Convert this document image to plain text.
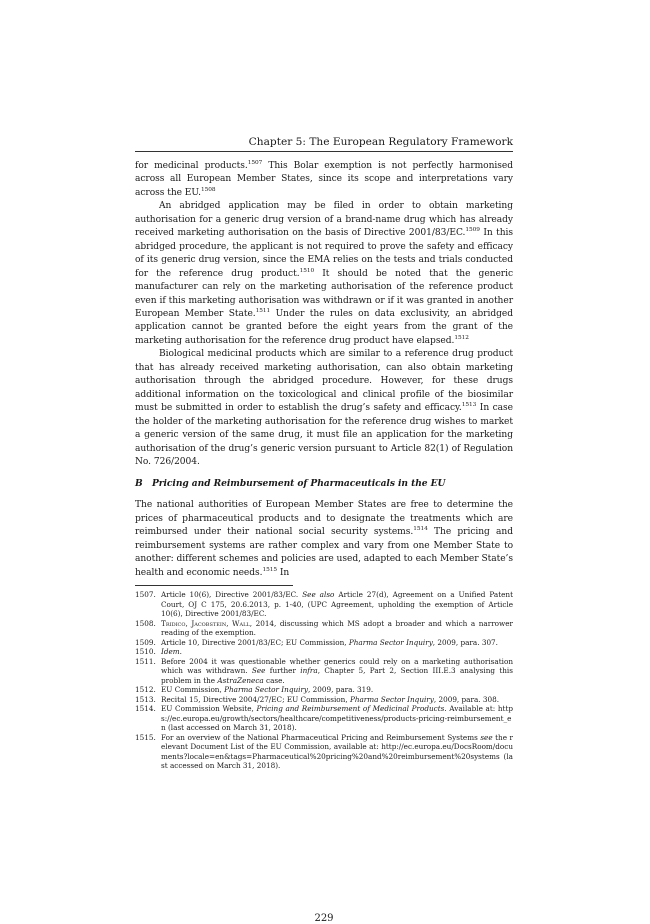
Chapter 5: The European Regulatory Framework

for medicinal products.$^{1507}$ This Bolar exemption is not perfectly harmonised across all European Member States, since its scope and interpretations vary across the EU.$^{1508}$

An abridged application may be filed in order to obtain marketing authorisation for a generic drug version of a brand-name drug which has already received marketing authorisation on the basis of Directive 2001/83/EC.$^{1509}$ In this abridged procedure, the applicant is not required to prove the safety and efficacy of its generic drug version, since the EMA relies on the tests and trials conducted for the reference drug product.$^{1510}$ It should be noted that the generic manufacturer can rely on the marketing authorisation of the reference product even if this marketing authorisation was withdrawn or if it was granted in another European Member State.$^{1511}$ Under the rules on data exclusivity, an abridged application cannot be granted before the eight years from the grant of the marketing authorisation for the reference drug product have elapsed.$^{1512}$

Biological medicinal products which are similar to a reference drug product that has already received marketing authorisation, can also obtain marketing authorisation through the abridged procedure. However, for these drugs additional information on the toxicological and clinical profile of the biosimilar must be submitted in order to establish the drug’s safety and efficacy.$^{1513}$ In case the holder of the marketing authorisation for the reference drug wishes to market a generic version of the same drug, it must file an application for the marketing authorisation of the drug’s generic version pursuant to Article 82(1) of Regulation No. 726/2004.

B Pricing and Reimbursement of Pharmaceuticals in the EU

The national authorities of European Member States are free to determine the prices of pharmaceutical products and to designate the treatments which are reimbursed under their national social security systems.$^{1514}$ The pricing and reimbursement systems are rather complex and vary from one Member State to another: different schemes and policies are used, adapted to each Member State’s health and economic needs.$^{1515}$ In

1507. Article 10(6), Directive 2001/83/EC. See also Article 27(d), Agreement on a Unified Patent Court, OJ C 175, 20.6.2013, p. 1-40, (UPC Agreement, upholding the exemption of Article 10(6), Directive 2001/83/EC.
1508. Tridico, Jacobstein, Wall, 2014, discussing which MS adopt a broader and which a narrower reading of the exemption.
1509. Article 10, Directive 2001/83/EC; EU Commission, Pharma Sector Inquiry, 2009, para. 307.
1510. Idem.
1511. Before 2004 it was questionable whether generics could rely on a marketing authorisation which was withdrawn. See further infra, Chapter 5, Part 2, Section III.E.3 analysing this problem in the AstraZeneca case.
1512. EU Commission, Pharma Sector Inquiry, 2009, para. 319.
1513. Recital 15, Directive 2004/27/EC; EU Commission, Pharma Sector Inquiry, 2009, para. 308.
1514. EU Commission Website, Pricing and Reimbursement of Medicinal Products. Available at: https://ec.europa.eu/growth/sectors/healthcare/competitiveness/products-pricing-reimbursement_en (last accessed on March 31, 2018).
1515. For an overview of the National Pharmaceutical Pricing and Reimbursement Systems see the relevant Document List of the EU Commission, available at: http://ec.europa.eu/DocsRoom/documents?locale=en&tags=Pharmaceutical%20pricing%20and%20reimbursement%20systems (last accessed on March 31, 2018).
229
